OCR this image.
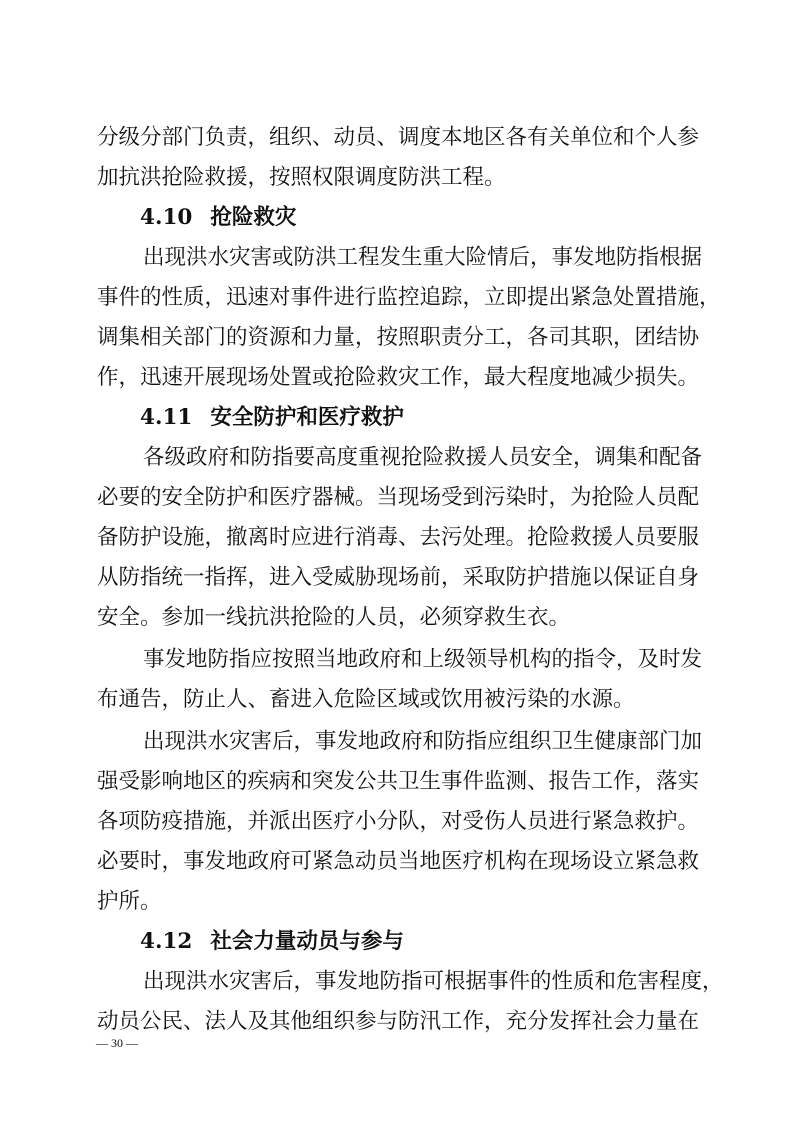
分级分部门负责，组织、动员、调度本地区各有关单位和个人参
加抗洪抢险救援，按照权限调度防洪工程。
4.10 抢险救灾
出现洪水灾害或防洪工程发生重大险情后，事发地防指根据
事件的性质，迅速对事件进行监控追踪，立即提出紧急处置措施，
调集相关部门的资源和力量，按照职责分工，各司其职，团结协
作，迅速开展现场处置或抢险救灾工作，最大程度地减少损失。
4.11 安全防护和医疗救护
各级政府和防指要高度重视抢险救援人员安全，调集和配备
必要的安全防护和医疗器械。当现场受到污染时，为抢险人员配
备防护设施，撤离时应进行消毒、去污处理。抢险救援人员要服
从防指统一指挥，进入受威胁现场前，采取防护措施以保证自身
安全。参加一线抗洪抢险的人员，必须穿救生衣。
事发地防指应按照当地政府和上级领导机构的指令，及时发
布通告，防止人、畜进入危险区域或饮用被污染的水源。
出现洪水灾害后，事发地政府和防指应组织卫生健康部门加
强受影响地区的疾病和突发公共卫生事件监测、报告工作，落实
各项防疫措施，并派出医疗小分队，对受伤人员进行紧急救护。
必要时，事发地政府可紧急动员当地医疗机构在现场设立紧急救
护所。
4.12 社会力量动员与参与
出现洪水灾害后，事发地防指可根据事件的性质和危害程度，
动员公民、法人及其他组织参与防汛工作，充分发挥社会力量在
— 30 —
